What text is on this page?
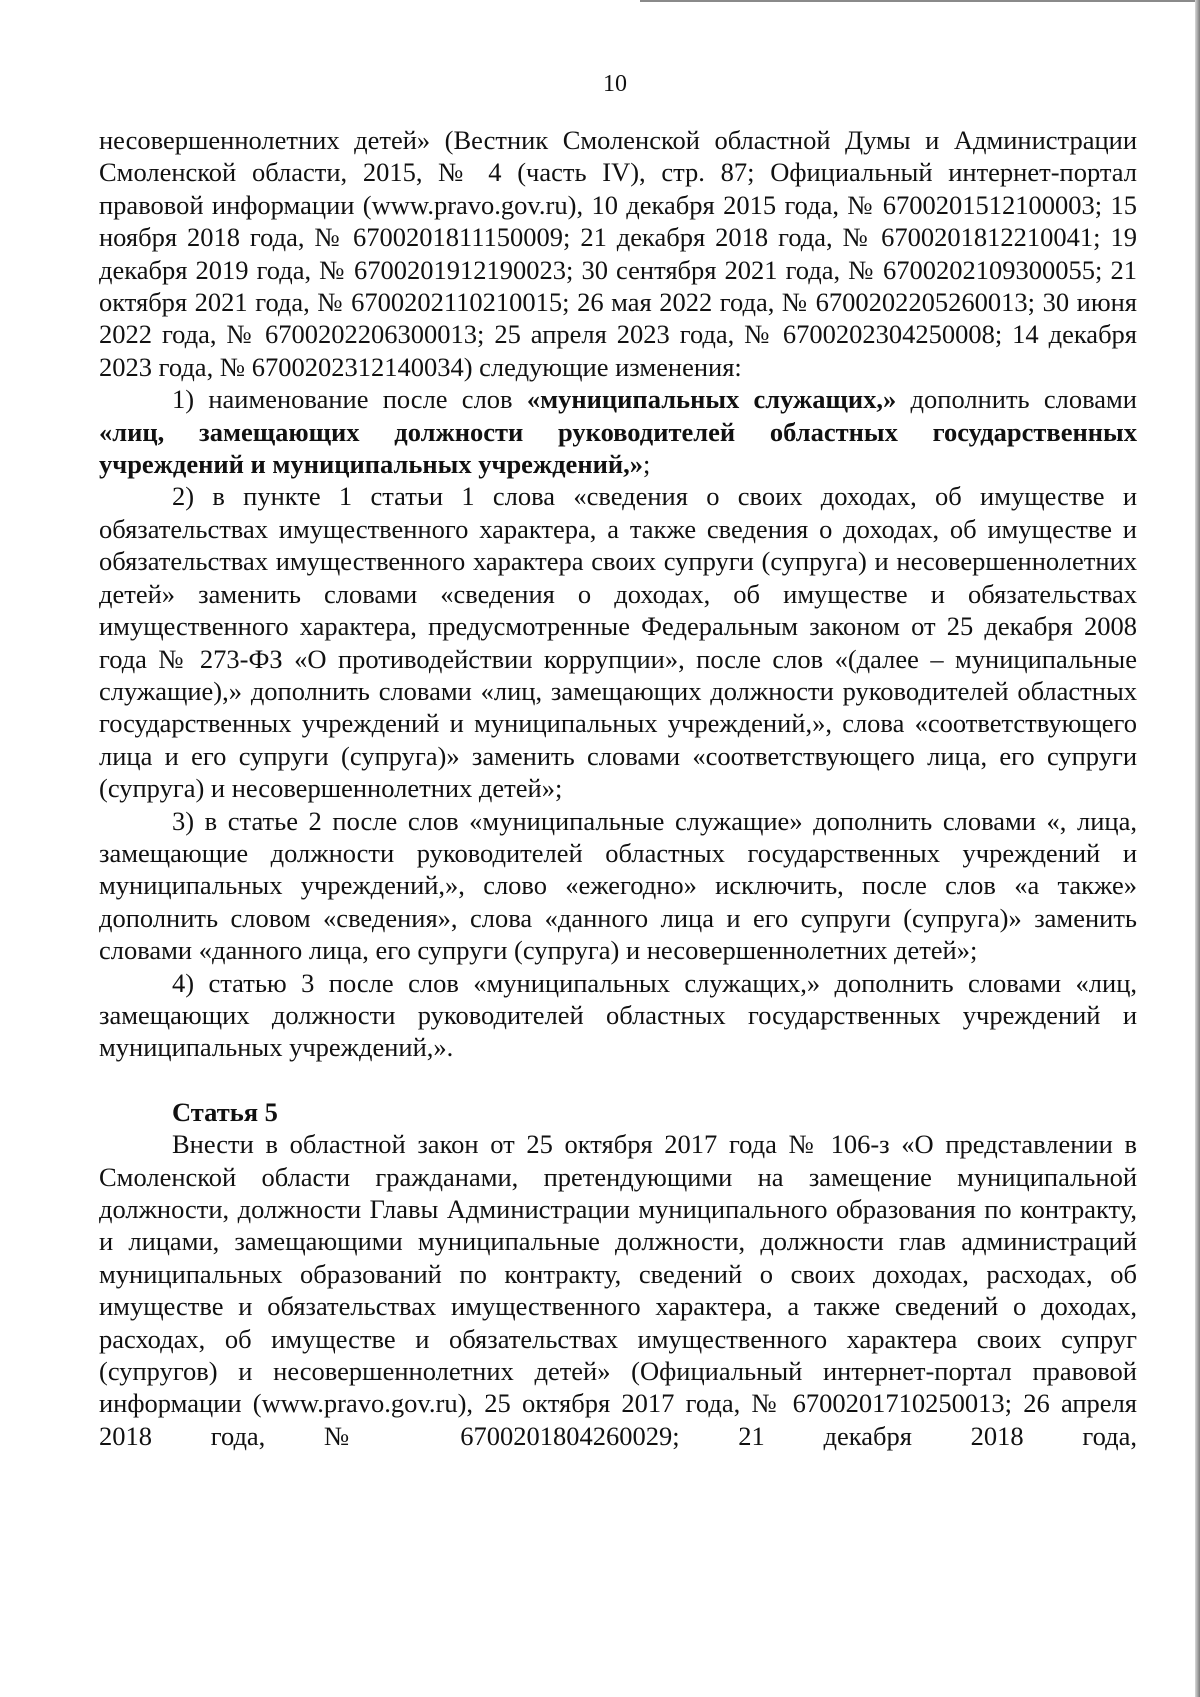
10

несовершеннолетних детей» (Вестник Смоленской областной Думы и Администрации Смоленской области, 2015, № 4 (часть IV), стр. 87; Официальный интернет-портал правовой информации (www.pravo.gov.ru), 10 декабря 2015 года, № 6700201512100003; 15 ноября 2018 года, № 6700201811150009; 21 декабря 2018 года, № 6700201812210041; 19 декабря 2019 года, № 6700201912190023; 30 сентября 2021 года, № 6700202109300055; 21 октября 2021 года, № 6700202110210015; 26 мая 2022 года, № 6700202205260013; 30 июня 2022 года, № 6700202206300013; 25 апреля 2023 года, № 6700202304250008; 14 декабря 2023 года, № 6700202312140034) следующие изменения:

1) наименование после слов «муниципальных служащих,» дополнить словами «лиц, замещающих должности руководителей областных государственных учреждений и муниципальных учреждений,»;

2) в пункте 1 статьи 1 слова «сведения о своих доходах, об имуществе и обязательствах имущественного характера, а также сведения о доходах, об имуществе и обязательствах имущественного характера своих супруги (супруга) и несовершеннолетних детей» заменить словами «сведения о доходах, об имуществе и обязательствах имущественного характера, предусмотренные Федеральным законом от 25 декабря 2008 года № 273-ФЗ «О противодействии коррупции», после слов «(далее – муниципальные служащие),» дополнить словами «лиц, замещающих должности руководителей областных государственных учреждений и муниципальных учреждений,», слова «соответствующего лица и его супруги (супруга)» заменить словами «соответствующего лица, его супруги (супруга) и несовершеннолетних детей»;

3) в статье 2 после слов «муниципальные служащие» дополнить словами «, лица, замещающие должности руководителей областных государственных учреждений и муниципальных учреждений,», слово «ежегодно» исключить, после слов «а также» дополнить словом «сведения», слова «данного лица и его супруги (супруга)» заменить словами «данного лица, его супруги (супруга) и несовершеннолетних детей»;

4) статью 3 после слов «муниципальных служащих,» дополнить словами «лиц, замещающих должности руководителей областных государственных учреждений и муниципальных учреждений,».

Статья 5

Внести в областной закон от 25 октября 2017 года № 106-з «О представлении в Смоленской области гражданами, претендующими на замещение муниципальной должности, должности Главы Администрации муниципального образования по контракту, и лицами, замещающими муниципальные должности, должности глав администраций муниципальных образований по контракту, сведений о своих доходах, расходах, об имуществе и обязательствах имущественного характера, а также сведений о доходах, расходах, об имуществе и обязательствах имущественного характера своих супруг (супругов) и несовершеннолетних детей» (Официальный интернет-портал правовой информации (www.pravo.gov.ru), 25 октября 2017 года, № 6700201710250013; 26 апреля 2018 года, № 6700201804260029; 21 декабря 2018 года,
